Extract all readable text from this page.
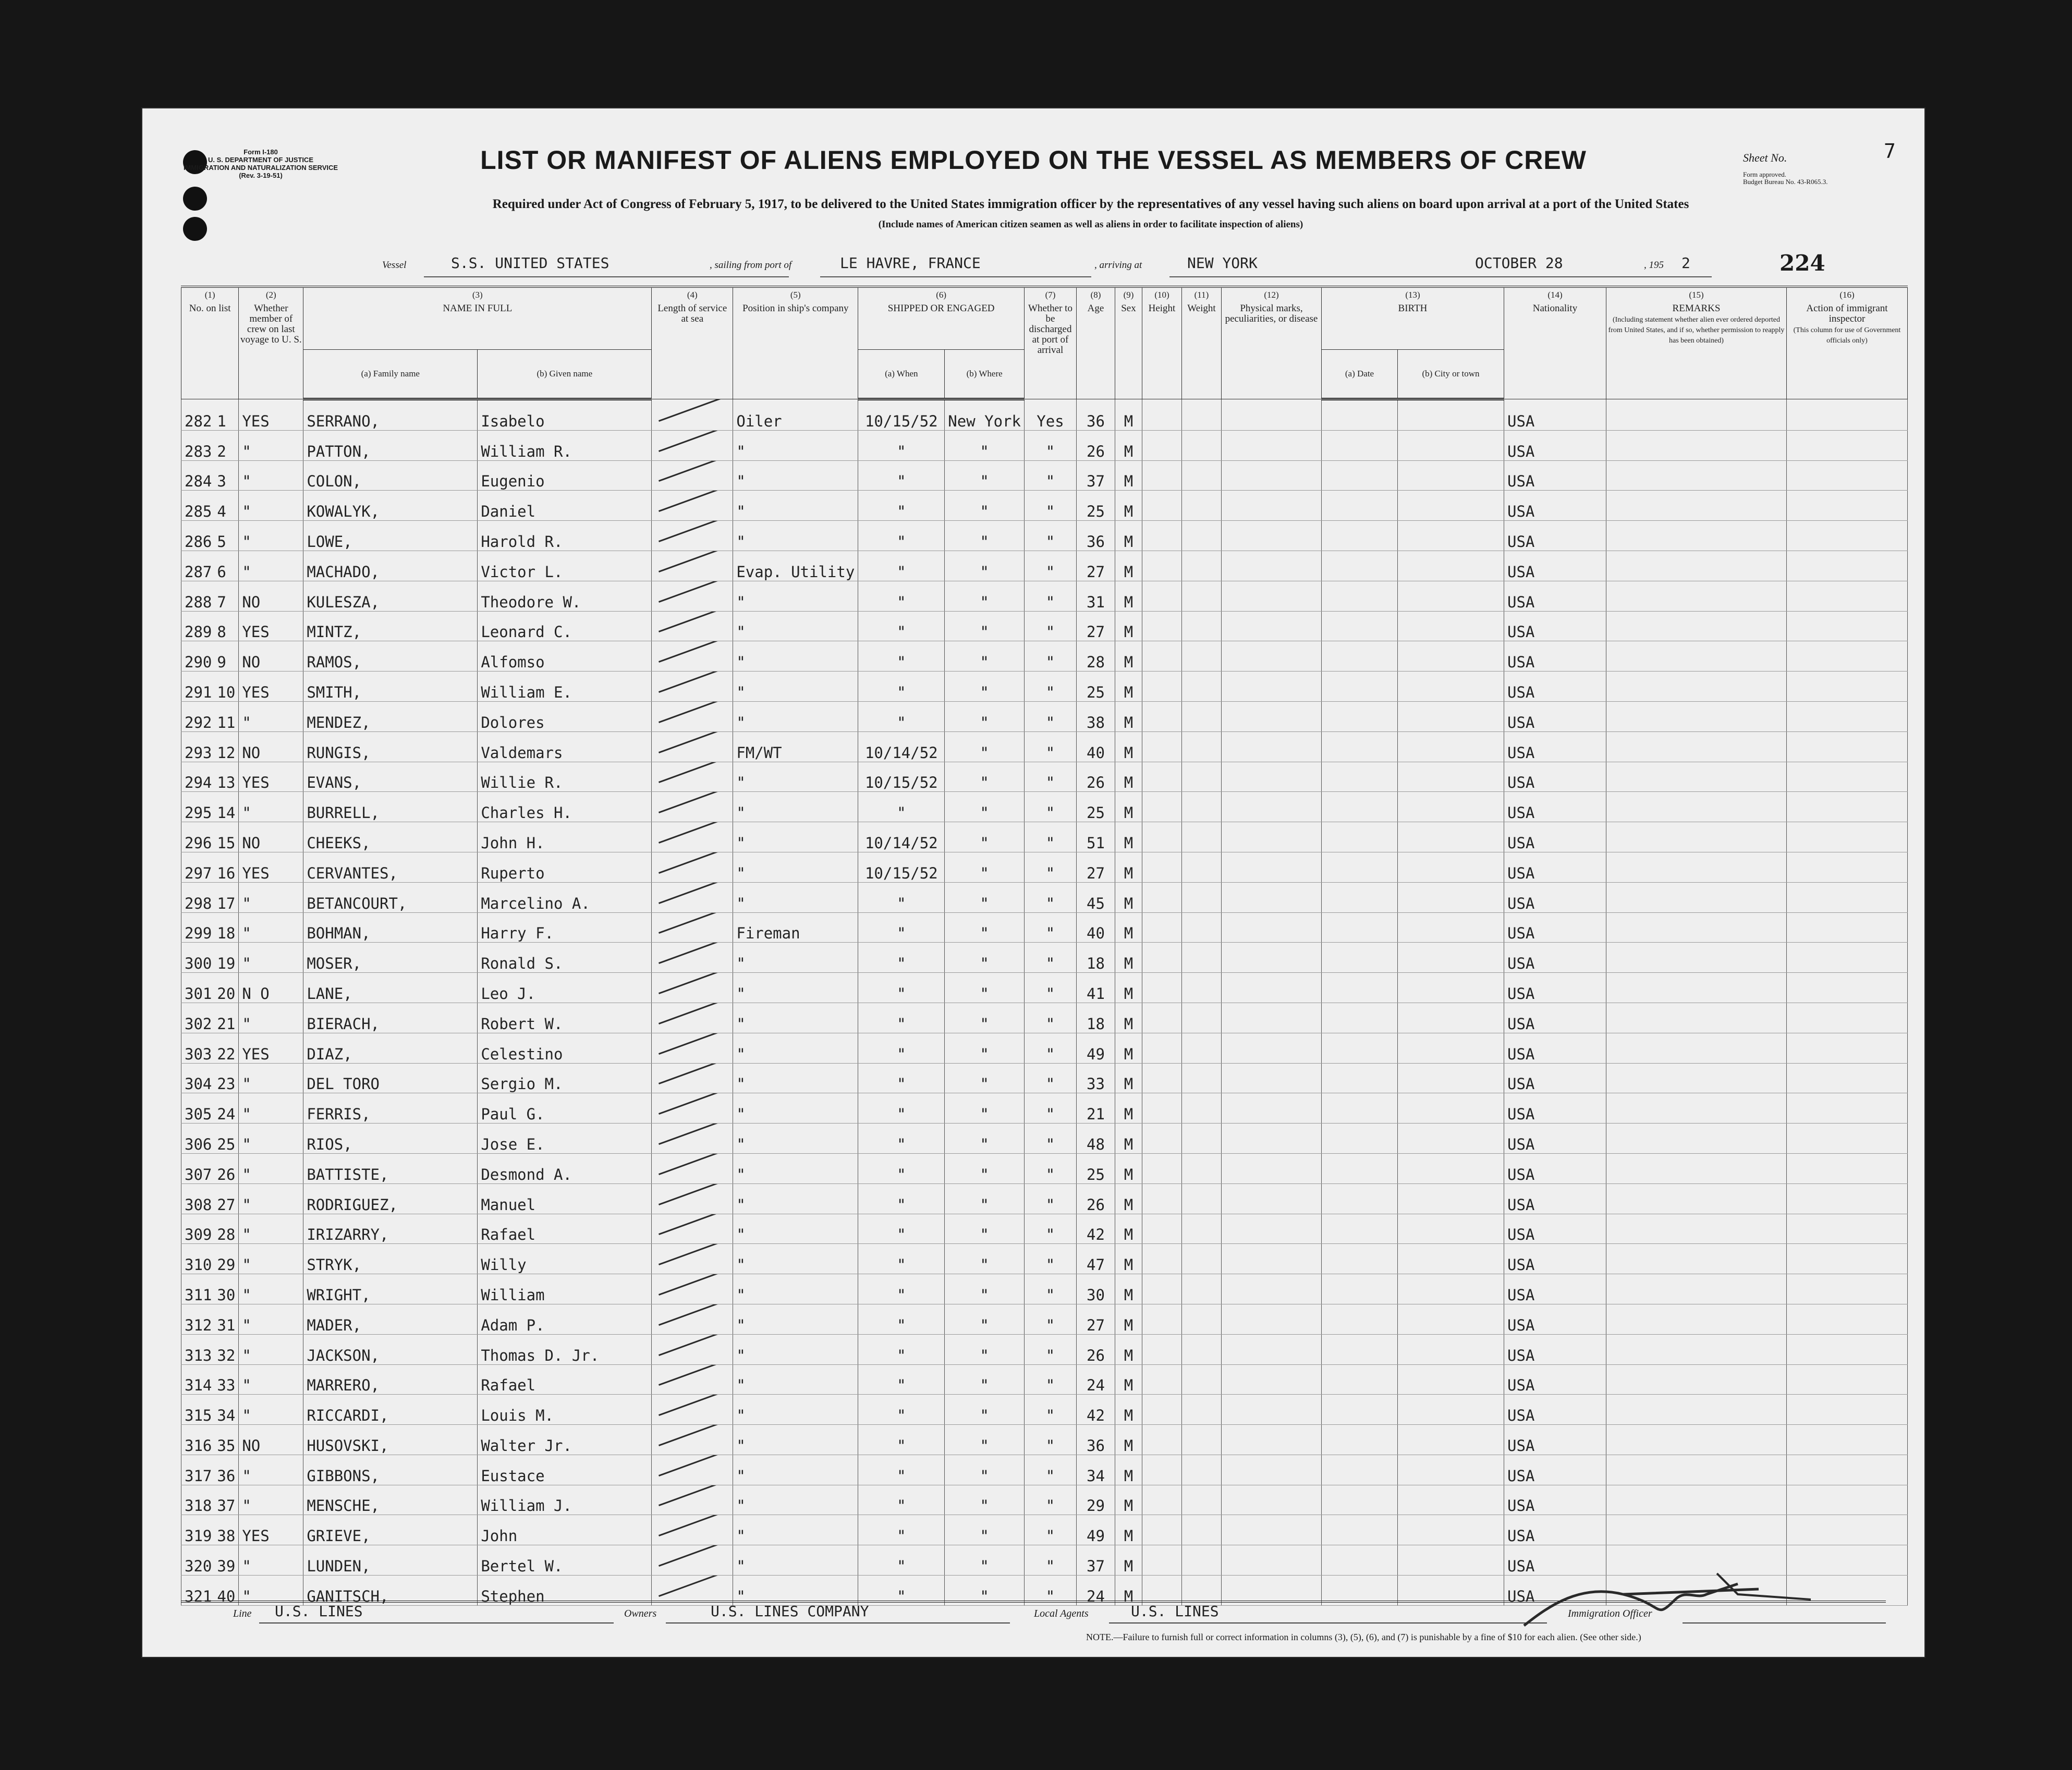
Form I-180
U. S. DEPARTMENT OF JUSTICE
IMMIGRATION AND NATURALIZATION SERVICE
(Rev. 3-19-51)
LIST OR MANIFEST OF ALIENS EMPLOYED ON THE VESSEL AS MEMBERS OF CREW
Required under Act of Congress of February 5, 1917, to be delivered to the United States immigration officer by the representatives of any vessel having such aliens on board upon arrival at a port of the United States
(Include names of American citizen seamen as well as aliens in order to facilitate inspection of aliens)
Sheet No.	7
Form approved.
Budget Bureau No. 43-R065.3.
Vessel	S.S. UNITED STATES	, sailing from port of	LE HAVRE, FRANCE	, arriving at	NEW YORK	OCTOBER 28	, 195 2	224
(1)
No. on list	(2)
Whether member of crew on last voyage to U. S.	(3)
NAME IN FULL		(4)
Length of service at sea	(5)
Position in ship's company	(6)
SHIPPED OR ENGAGED		(7)
Whether to be discharged at port of arrival	(8)
Age	(9)
Sex	(10)
Height	(11)
Weight	(12)
Physical marks, peculiarities, or disease	(13)
BIRTH		(14)
Nationality	(15)
REMARKS
(Including statement whether alien ever ordered deported from United States, and if so, whether permission to reapply has been obtained)	(16)
Action of immigrant inspector
(This column for use of Government officials only)
		(a) Family name	(b) Given name			(a) When	(b) Where							(a) Date	(b) City or town			
282 1	YES	SERRANO,	Isabelo		Oiler	10/15/52	New York	Yes	36	M						USA		
283 2	"	PATTON,	William R.		"	"	"	"	26	M						USA		
284 3	"	COLON,	Eugenio		"	"	"	"	37	M						USA		
285 4	"	KOWALYK,	Daniel		"	"	"	"	25	M						USA		
286 5	"	LOWE,	Harold R.		"	"	"	"	36	M						USA		
287 6	"	MACHADO,	Victor L.		Evap. Utility	"	"	"	27	M						USA		
288 7	NO	KULESZA,	Theodore W.		"	"	"	"	31	M						USA		
289 8	YES	MINTZ,	Leonard C.		"	"	"	"	27	M						USA		
290 9	NO	RAMOS,	Alfomso		"	"	"	"	28	M						USA		
291 10	YES	SMITH,	William E.		"	"	"	"	25	M						USA		
292 11	"	MENDEZ,	Dolores		"	"	"	"	38	M						USA		
293 12	NO	RUNGIS,	Valdemars		FM/WT	10/14/52	"	"	40	M						USA		
294 13	YES	EVANS,	Willie R.		"	10/15/52	"	"	26	M						USA		
295 14	"	BURRELL,	Charles H.		"	"	"	"	25	M						USA		
296 15	NO	CHEEKS,	John H.		"	10/14/52	"	"	51	M						USA		
297 16	YES	CERVANTES,	Ruperto		"	10/15/52	"	"	27	M						USA		
298 17	"	BETANCOURT,	Marcelino A.		"	"	"	"	45	M						USA		
299 18	"	BOHMAN,	Harry F.		Fireman	"	"	"	40	M						USA		
300 19	"	MOSER,	Ronald S.		"	"	"	"	18	M						USA		
301 20	N O	LANE,	Leo J.		"	"	"	"	41	M						USA		
302 21	"	BIERACH,	Robert W.		"	"	"	"	18	M						USA		
303 22	YES	DIAZ,	Celestino		"	"	"	"	49	M						USA		
304 23	"	DEL TORO	Sergio M.		"	"	"	"	33	M						USA		
305 24	"	FERRIS,	Paul G.		"	"	"	"	21	M						USA		
306 25	"	RIOS,	Jose E.		"	"	"	"	48	M						USA		
307 26	"	BATTISTE,	Desmond A.		"	"	"	"	25	M						USA		
308 27	"	RODRIGUEZ,	Manuel		"	"	"	"	26	M						USA		
309 28	"	IRIZARRY,	Rafael		"	"	"	"	42	M						USA		
310 29	"	STRYK,	Willy		"	"	"	"	47	M						USA		
311 30	"	WRIGHT,	William		"	"	"	"	30	M						USA		
312 31	"	MADER,	Adam P.		"	"	"	"	27	M						USA		
313 32	"	JACKSON,	Thomas D. Jr.		"	"	"	"	26	M						USA		
314 33	"	MARRERO,	Rafael		"	"	"	"	24	M						USA		
315 34	"	RICCARDI,	Louis M.		"	"	"	"	42	M						USA		
316 35	NO	HUSOVSKI,	Walter Jr.		"	"	"	"	36	M						USA		
317 36	"	GIBBONS,	Eustace		"	"	"	"	34	M						USA		
318 37	"	MENSCHE,	William J.		"	"	"	"	29	M						USA		
319 38	YES	GRIEVE,	John		"	"	"	"	49	M						USA		
320 39	"	LUNDEN,	Bertel W.		"	"	"	"	37	M						USA		
321 40	"	GANITSCH,	Stephen		"	"	"	"	24	M						USA		
Line U.S. LINES	Owners	U.S. LINES COMPANY	Local Agents	U.S. LINES	Immigration Officer
NOTE.—Failure to furnish full or correct information in columns (3), (5), (6), and (7) is punishable by a fine of $10 for each alien. (See other side.)
